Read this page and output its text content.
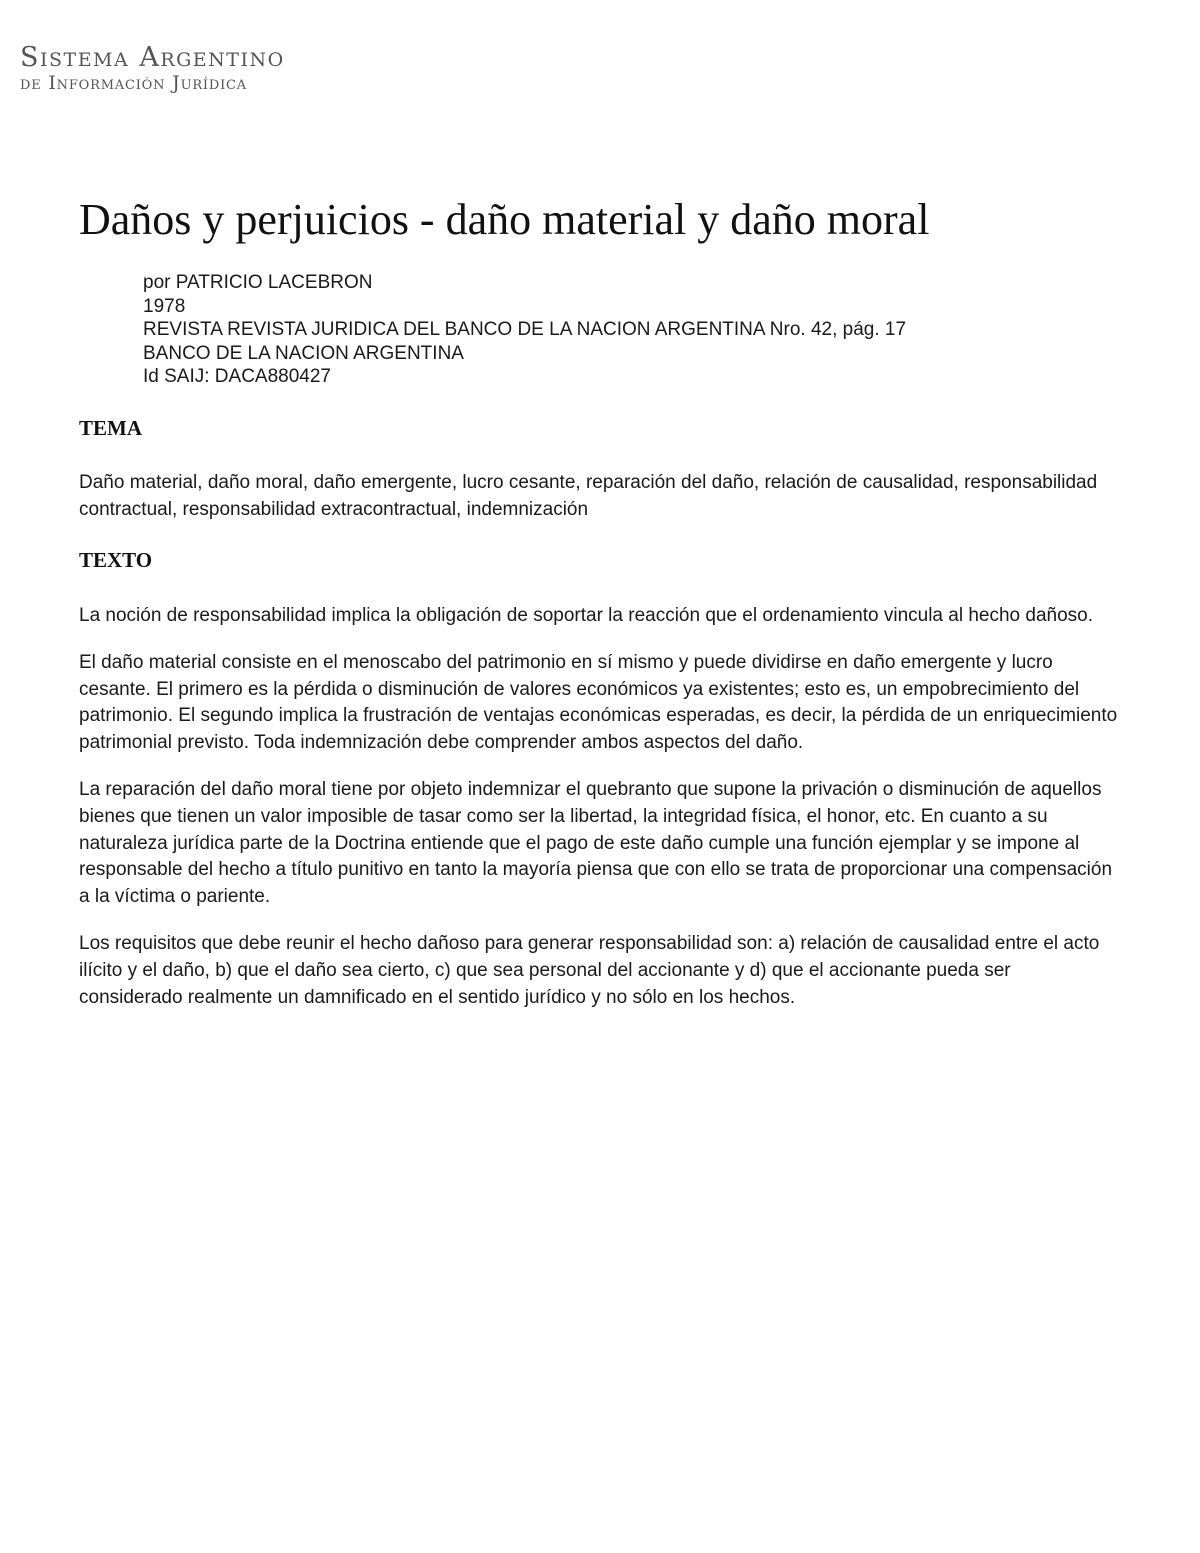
Sistema Argentino
de Información Jurídica
Daños y perjuicios - daño material y daño moral
por PATRICIO LACEBRON
1978
REVISTA REVISTA JURIDICA DEL BANCO DE LA NACION ARGENTINA Nro. 42, pág. 17
BANCO DE LA NACION ARGENTINA
Id SAIJ: DACA880427
TEMA

Daño material, daño moral, daño emergente, lucro cesante, reparación del daño, relación de causalidad, responsabilidad contractual, responsabilidad extracontractual, indemnización

TEXTO

La noción de responsabilidad implica la obligación de soportar la reacción que el ordenamiento vincula al hecho dañoso.

El daño material consiste en el menoscabo del patrimonio en sí mismo y puede dividirse en daño emergente y lucro cesante. El primero es la pérdida o disminución de valores económicos ya existentes; esto es, un empobrecimiento del patrimonio. El segundo implica la frustración de ventajas económicas esperadas, es decir, la pérdida de un enriquecimiento patrimonial previsto. Toda indemnización debe comprender ambos aspectos del daño.

La reparación del daño moral tiene por objeto indemnizar el quebranto que supone la privación o disminución de aquellos bienes que tienen un valor imposible de tasar como ser la libertad, la integridad física, el honor, etc. En cuanto a su naturaleza jurídica parte de la Doctrina entiende que el pago de este daño cumple una función ejemplar y se impone al responsable del hecho a título punitivo en tanto la mayoría piensa que con ello se trata de proporcionar una compensación a la víctima o pariente.

Los requisitos que debe reunir el hecho dañoso para generar responsabilidad son: a) relación de causalidad entre el acto ilícito y el daño, b) que el daño sea cierto, c) que sea personal del accionante y d) que el accionante pueda ser considerado realmente un damnificado en el sentido jurídico y no sólo en los hechos.
